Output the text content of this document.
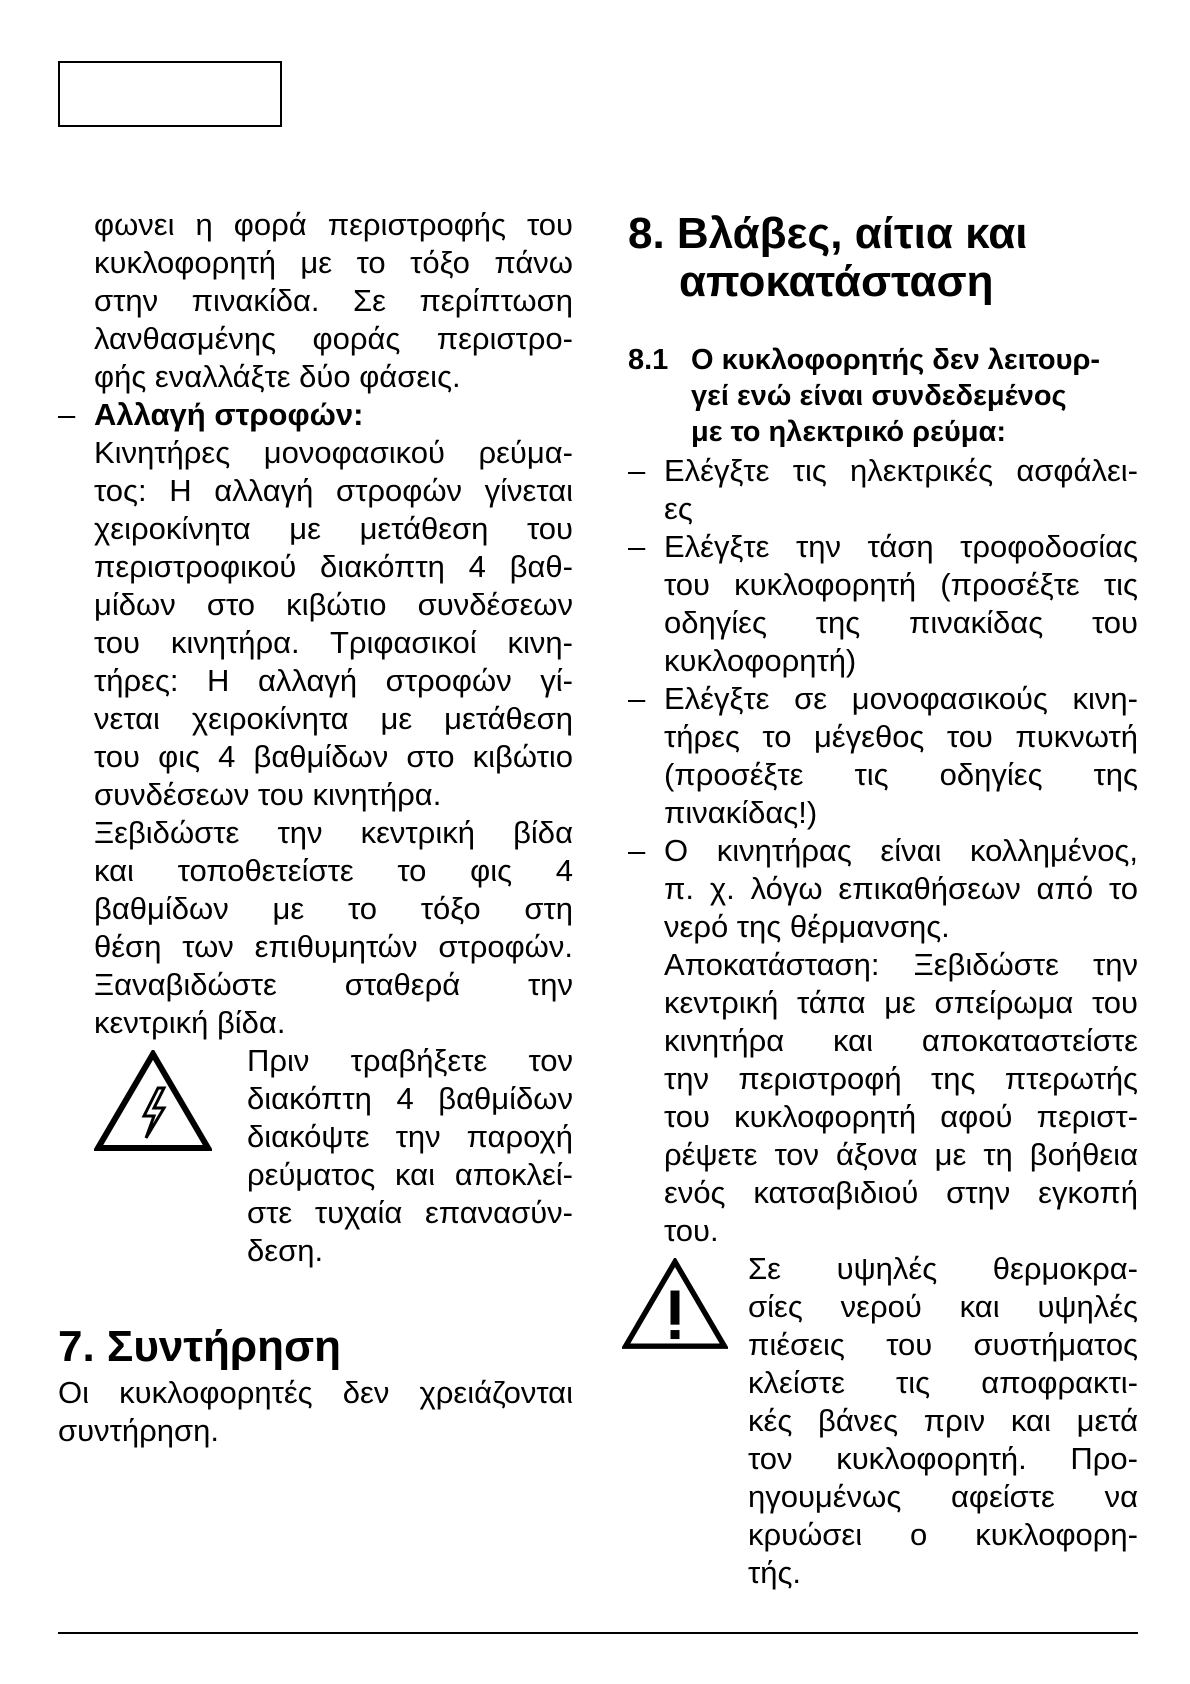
φωνει η φορά περιστροφής του
κυκλοφορητή με το τόξο πάνω
στην πινακίδα. Σε περίπτωση
λανθασμένης φοράς περιστρο-
φής εναλλάξτε δύο φάσεις.
– Αλλαγή στροφών:
Κινητήρες μονοφασικού ρεύμα-
τος: Η αλλαγή στροφών γίνεται
χειροκίνητα με μετάθεση του
περιστροφικού διακόπτη 4 βαθ-
μίδων στο κιβώτιο συνδέσεων
του κινητήρα. Τριφασικοί κινη-
τήρες: Η αλλαγή στροφών γί-
νεται χειροκίνητα με μετάθεση
του φις 4 βαθμίδων στο κιβώτιο
συνδέσεων του κινητήρα.
Ξεβιδώστε την κεντρική βίδα
και τοποθετείστε το φις 4
βαθμίδων με το τόξο στη
θέση των επιθυμητών στροφών.
Ξαναβιδώστε σταθερά την
κεντρική βίδα.
Πριν τραβήξετε τον
διακόπτη 4 βαθμίδων
διακόψτε την παροχή
ρεύματος και αποκλεί-
στε τυχαία επανασύν-
δεση.
7. Συντήρηση
Οι κυκλοφορητές δεν χρειάζονται
συντήρηση.
8. Βλάβες, αίτια και
αποκατάσταση
8.1 Ο κυκλοφορητής δεν λειτουρ-
γεί ενώ είναι συνδεδεμένος
με το ηλεκτρικό ρεύμα:
– Ελέγξτε τις ηλεκτρικές ασφάλει-
ες
– Ελέγξτε την τάση τροφοδοσίας
του κυκλοφορητή (προσέξτε τις
οδηγίες της πινακίδας του
κυκλοφορητή)
– Ελέγξτε σε μονοφασικούς κινη-
τήρες το μέγεθος του πυκνωτή
(προσέξτε τις οδηγίες της
πινακίδας!)
– Ο κινητήρας είναι κολλημένος,
π. χ. λόγω επικαθήσεων από το
νερό της θέρμανσης.
Αποκατάσταση: Ξεβιδώστε την
κεντρική τάπα με σπείρωμα του
κινητήρα και αποκαταστείστε
την περιστροφή της πτερωτής
του κυκλοφορητή αφού περιστ-
ρέψετε τον άξονα με τη βοήθεια
ενός κατσαβιδιού στην εγκοπή
του.
Σε υψηλές θερμοκρα-
σίες νερού και υψηλές
πιέσεις του συστήματος
κλείστε τις αποφρακτι-
κές βάνες πριν και μετά
τον κυκλοφορητή. Προ-
ηγουμένως αφείστε να
κρυώσει ο κυκλοφορη-
τής.
